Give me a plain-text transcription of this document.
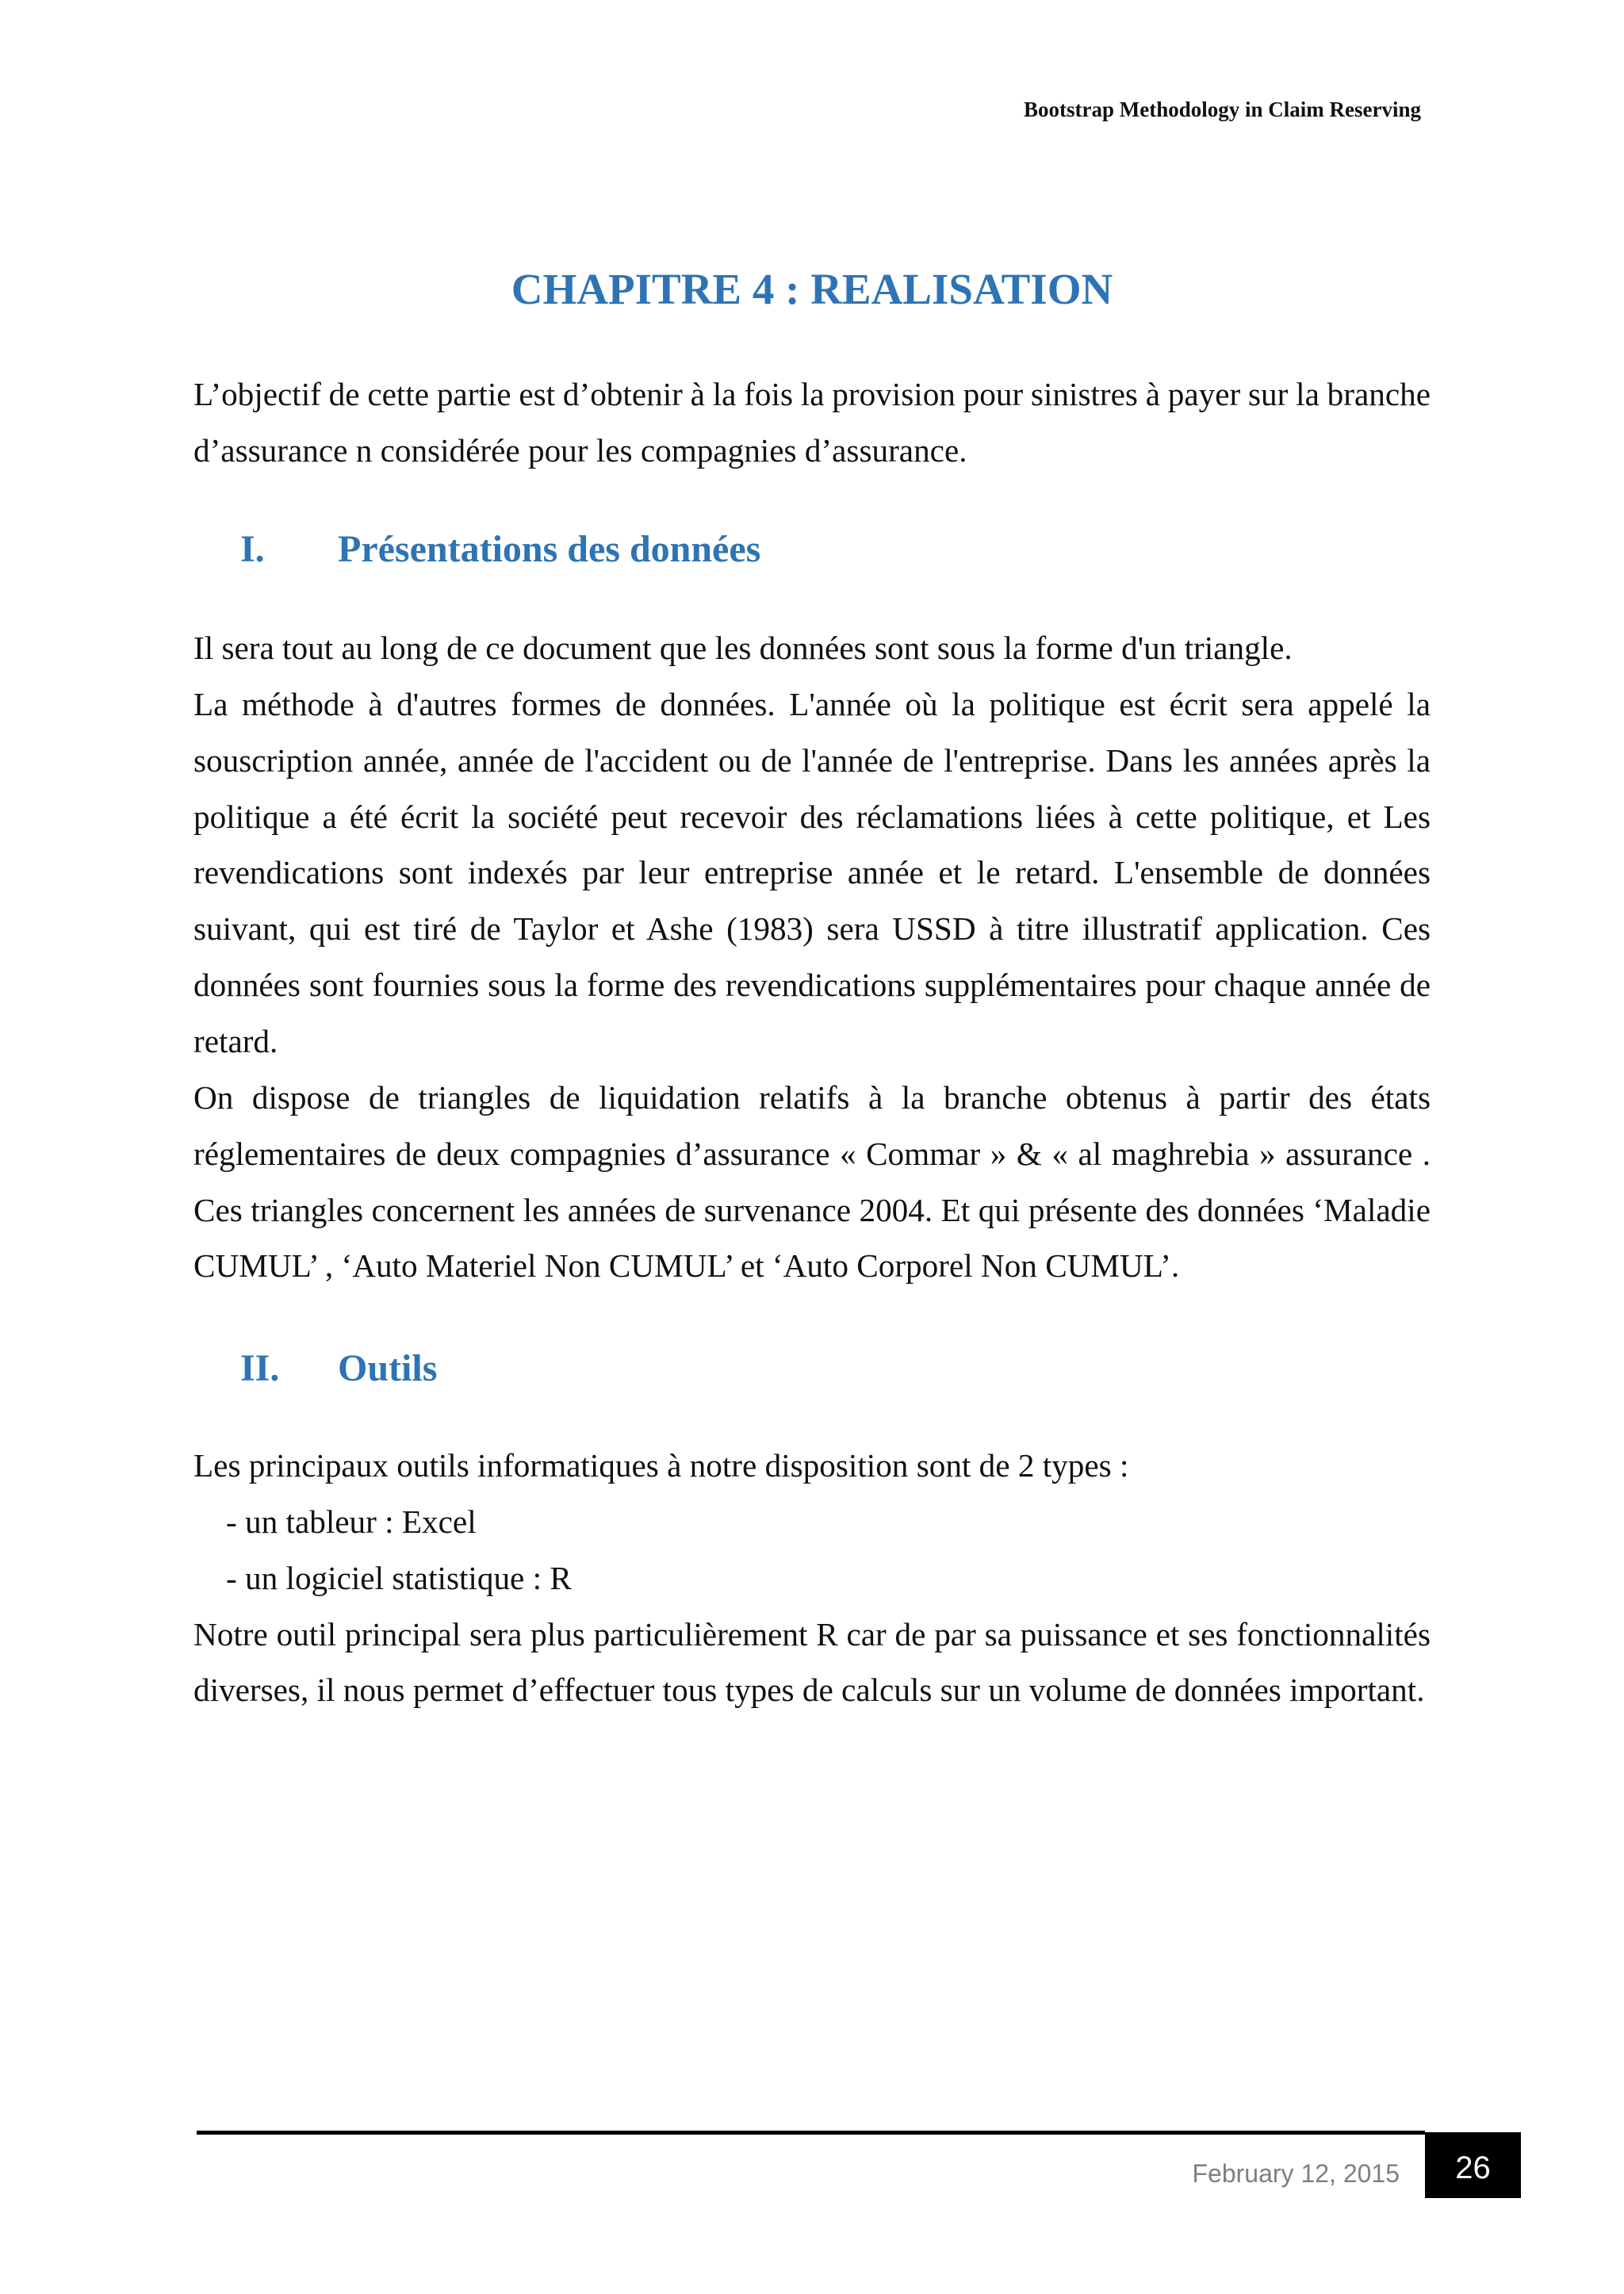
Bootstrap Methodology in Claim Reserving
CHAPITRE 4 : REALISATION
L’objectif de cette partie est d’obtenir à la fois la provision pour sinistres à payer sur la branche
d’assurance n considérée pour les compagnies d’assurance.
I. Présentations des données
Il sera tout au long de ce document que les données sont sous la forme d'un triangle.
La méthode à d'autres formes de données. L'année où la politique est écrit sera appelé la
souscription année, année de l'accident ou de l'année de l'entreprise. Dans les années après la
politique a été écrit la société peut recevoir des réclamations liées à cette politique, et Les
revendications sont indexés par leur entreprise année et le retard. L'ensemble de données
suivant, qui est tiré de Taylor et Ashe (1983) sera USSD à titre illustratif application. Ces
données sont fournies sous la forme des revendications supplémentaires pour chaque année de
retard.
On dispose de triangles de liquidation relatifs à la branche obtenus à partir des états
réglementaires de deux compagnies d’assurance « Commar » & « al maghrebia » assurance .
Ces triangles concernent les années de survenance 2004. Et qui présente des données ‘Maladie
CUMUL’ , ‘Auto Materiel Non CUMUL’ et ‘Auto Corporel Non CUMUL’.
II. Outils
Les principaux outils informatiques à notre disposition sont de 2 types :
- un tableur : Excel
- un logiciel statistique : R
Notre outil principal sera plus particulièrement R car de par sa puissance et ses fonctionnalités
diverses, il nous permet d’effectuer tous types de calculs sur un volume de données important.
February 12, 2015 26
